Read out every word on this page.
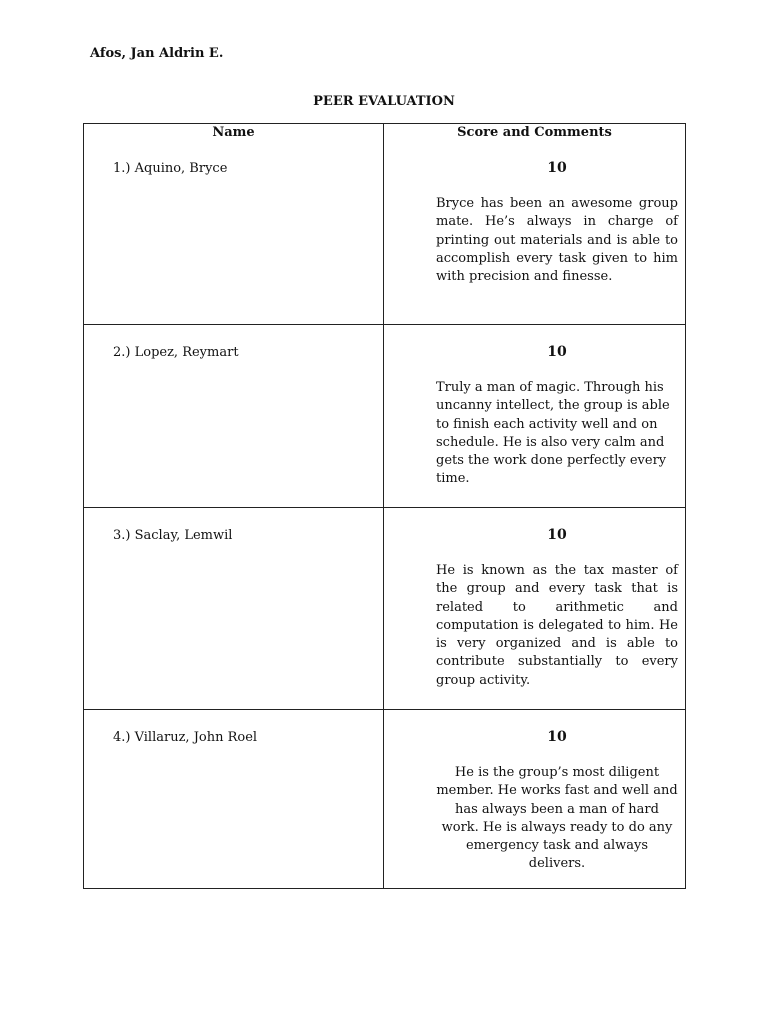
Afos, Jan Aldrin E.
PEER EVALUATION
Name	Score and Comments

1.) Aquino, Bryce	10
Bryce has been an awesome group mate. He’s always in charge of printing out materials and is able to accomplish every task given to him with precision and finesse.

2.) Lopez, Reymart	10
Truly a man of magic. Through his uncanny intellect, the group is able to finish each activity well and on schedule. He is also very calm and gets the work done perfectly every time.

3.) Saclay, Lemwil	10
He is known as the tax master of the group and every task that is related to arithmetic and computation is delegated to him. He is very organized and is able to contribute substantially to every group activity.

4.) Villaruz, John Roel	10
He is the group’s most diligent member. He works fast and well and has always been a man of hard work. He is always ready to do any emergency task and always delivers.
